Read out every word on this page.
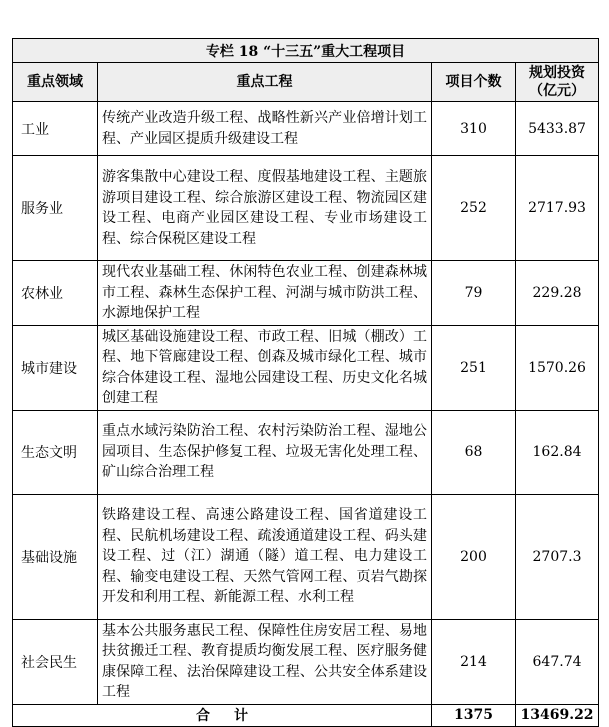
专栏 18 “十三五”重大工程项目			
重点领域	重点工程	项目个数	规划投资
（亿元）
工业	传统产业改造升级工程、战略性新兴产业倍增计划工程、产业园区提质升级建设工程	310	5433.87
服务业	游客集散中心建设工程、度假基地建设工程、主题旅游项目建设工程、综合旅游区建设工程、物流园区建设工程、电商产业园区建设工程、专业市场建设工程、综合保税区建设工程	252	2717.93
农林业	现代农业基础工程、休闲特色农业工程、创建森林城市工程、森林生态保护工程、河湖与城市防洪工程、水源地保护工程	79	229.28
城市建设	城区基础设施建设工程、市政工程、旧城（棚改）工程、地下管廊建设工程、创森及城市绿化工程、城市综合体建设工程、湿地公园建设工程、历史文化名城创建工程	251	1570.26
生态文明	重点水域污染防治工程、农村污染防治工程、湿地公园项目、生态保护修复工程、垃圾无害化处理工程、矿山综合治理工程	68	162.84
基础设施	铁路建设工程、高速公路建设工程、国省道建设工程、民航机场建设工程、疏浚通道建设工程、码头建设工程、过（江）湖通（隧）道工程、电力建设工程、输变电建设工程、天然气管网工程、页岩气勘探开发和利用工程、新能源工程、水利工程	200	2707.3
社会民生	基本公共服务惠民工程、保障性住房安居工程、易地扶贫搬迁工程、教育提质均衡发展工程、医疗服务健康保障工程、法治保障建设工程、公共安全体系建设工程	214	647.74
合计		1375	13469.22
